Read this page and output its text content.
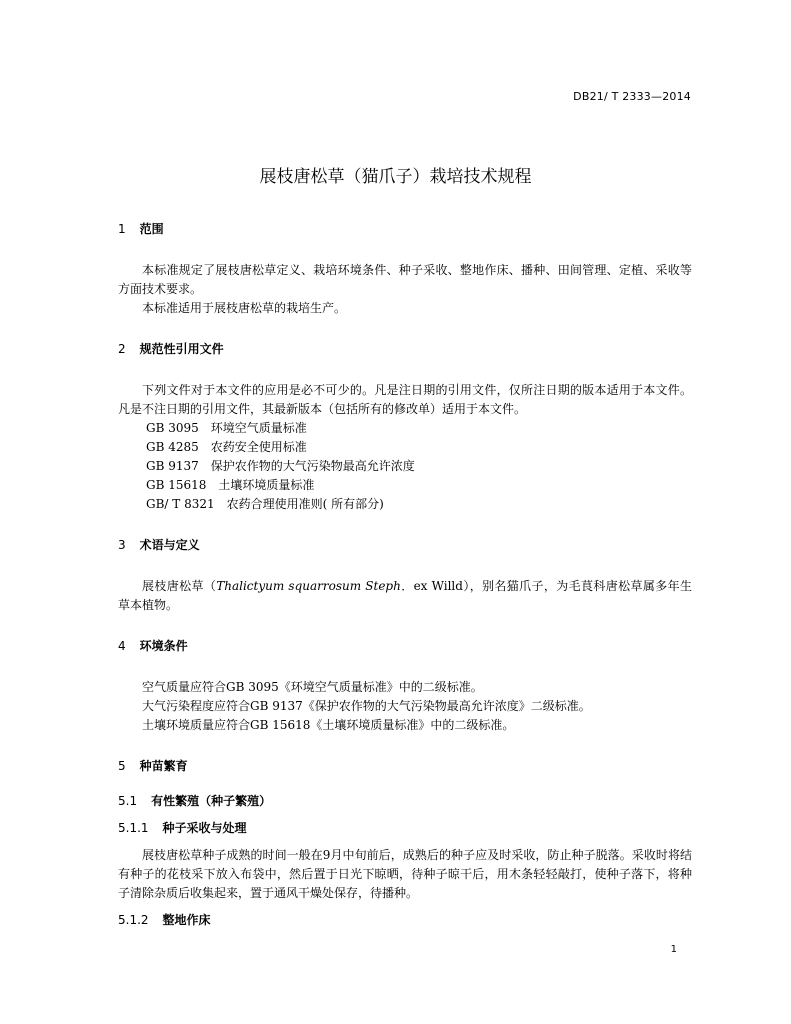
DB21/ T 2333—2014
展枝唐松草（猫爪子）栽培技术规程
1 范围

本标准规定了展枝唐松草定义、栽培环境条件、种子采收、整地作床、播种、田间管理、定植、采收等方面技术要求。

本标准适用于展枝唐松草的栽培生产。

2 规范性引用文件

下列文件对于本文件的应用是必不可少的。凡是注日期的引用文件，仅所注日期的版本适用于本文件。凡是不注日期的引用文件，其最新版本（包括所有的修改单）适用于本文件。

GB 3095　环境空气质量标准

GB 4285　农药安全使用标准

GB 9137　保护农作物的大气污染物最高允许浓度

GB 15618　土壤环境质量标准

GB/ T 8321　农药合理使用准则( 所有部分)

3 术语与定义

展枝唐松草（Thalictyum squarrosum Steph．ex Willd），别名猫爪子，为毛茛科唐松草属多年生草本植物。

4 环境条件

空气质量应符合GB 3095《环境空气质量标准》中的二级标准。

大气污染程度应符合GB 9137《保护农作物的大气污染物最高允许浓度》二级标准。

土壤环境质量应符合GB 15618《土壤环境质量标准》中的二级标准。

5 种苗繁育
5.1 有性繁殖（种子繁殖）
5.1.1 种子采收与处理

展枝唐松草种子成熟的时间一般在9月中旬前后，成熟后的种子应及时采收，防止种子脱落。采收时将结有种子的花枝采下放入布袋中，然后置于日光下晾晒，待种子晾干后，用木条轻轻敲打，使种子落下，将种子清除杂质后收集起来，置于通风干燥处保存，待播种。

5.1.2 整地作床
1
